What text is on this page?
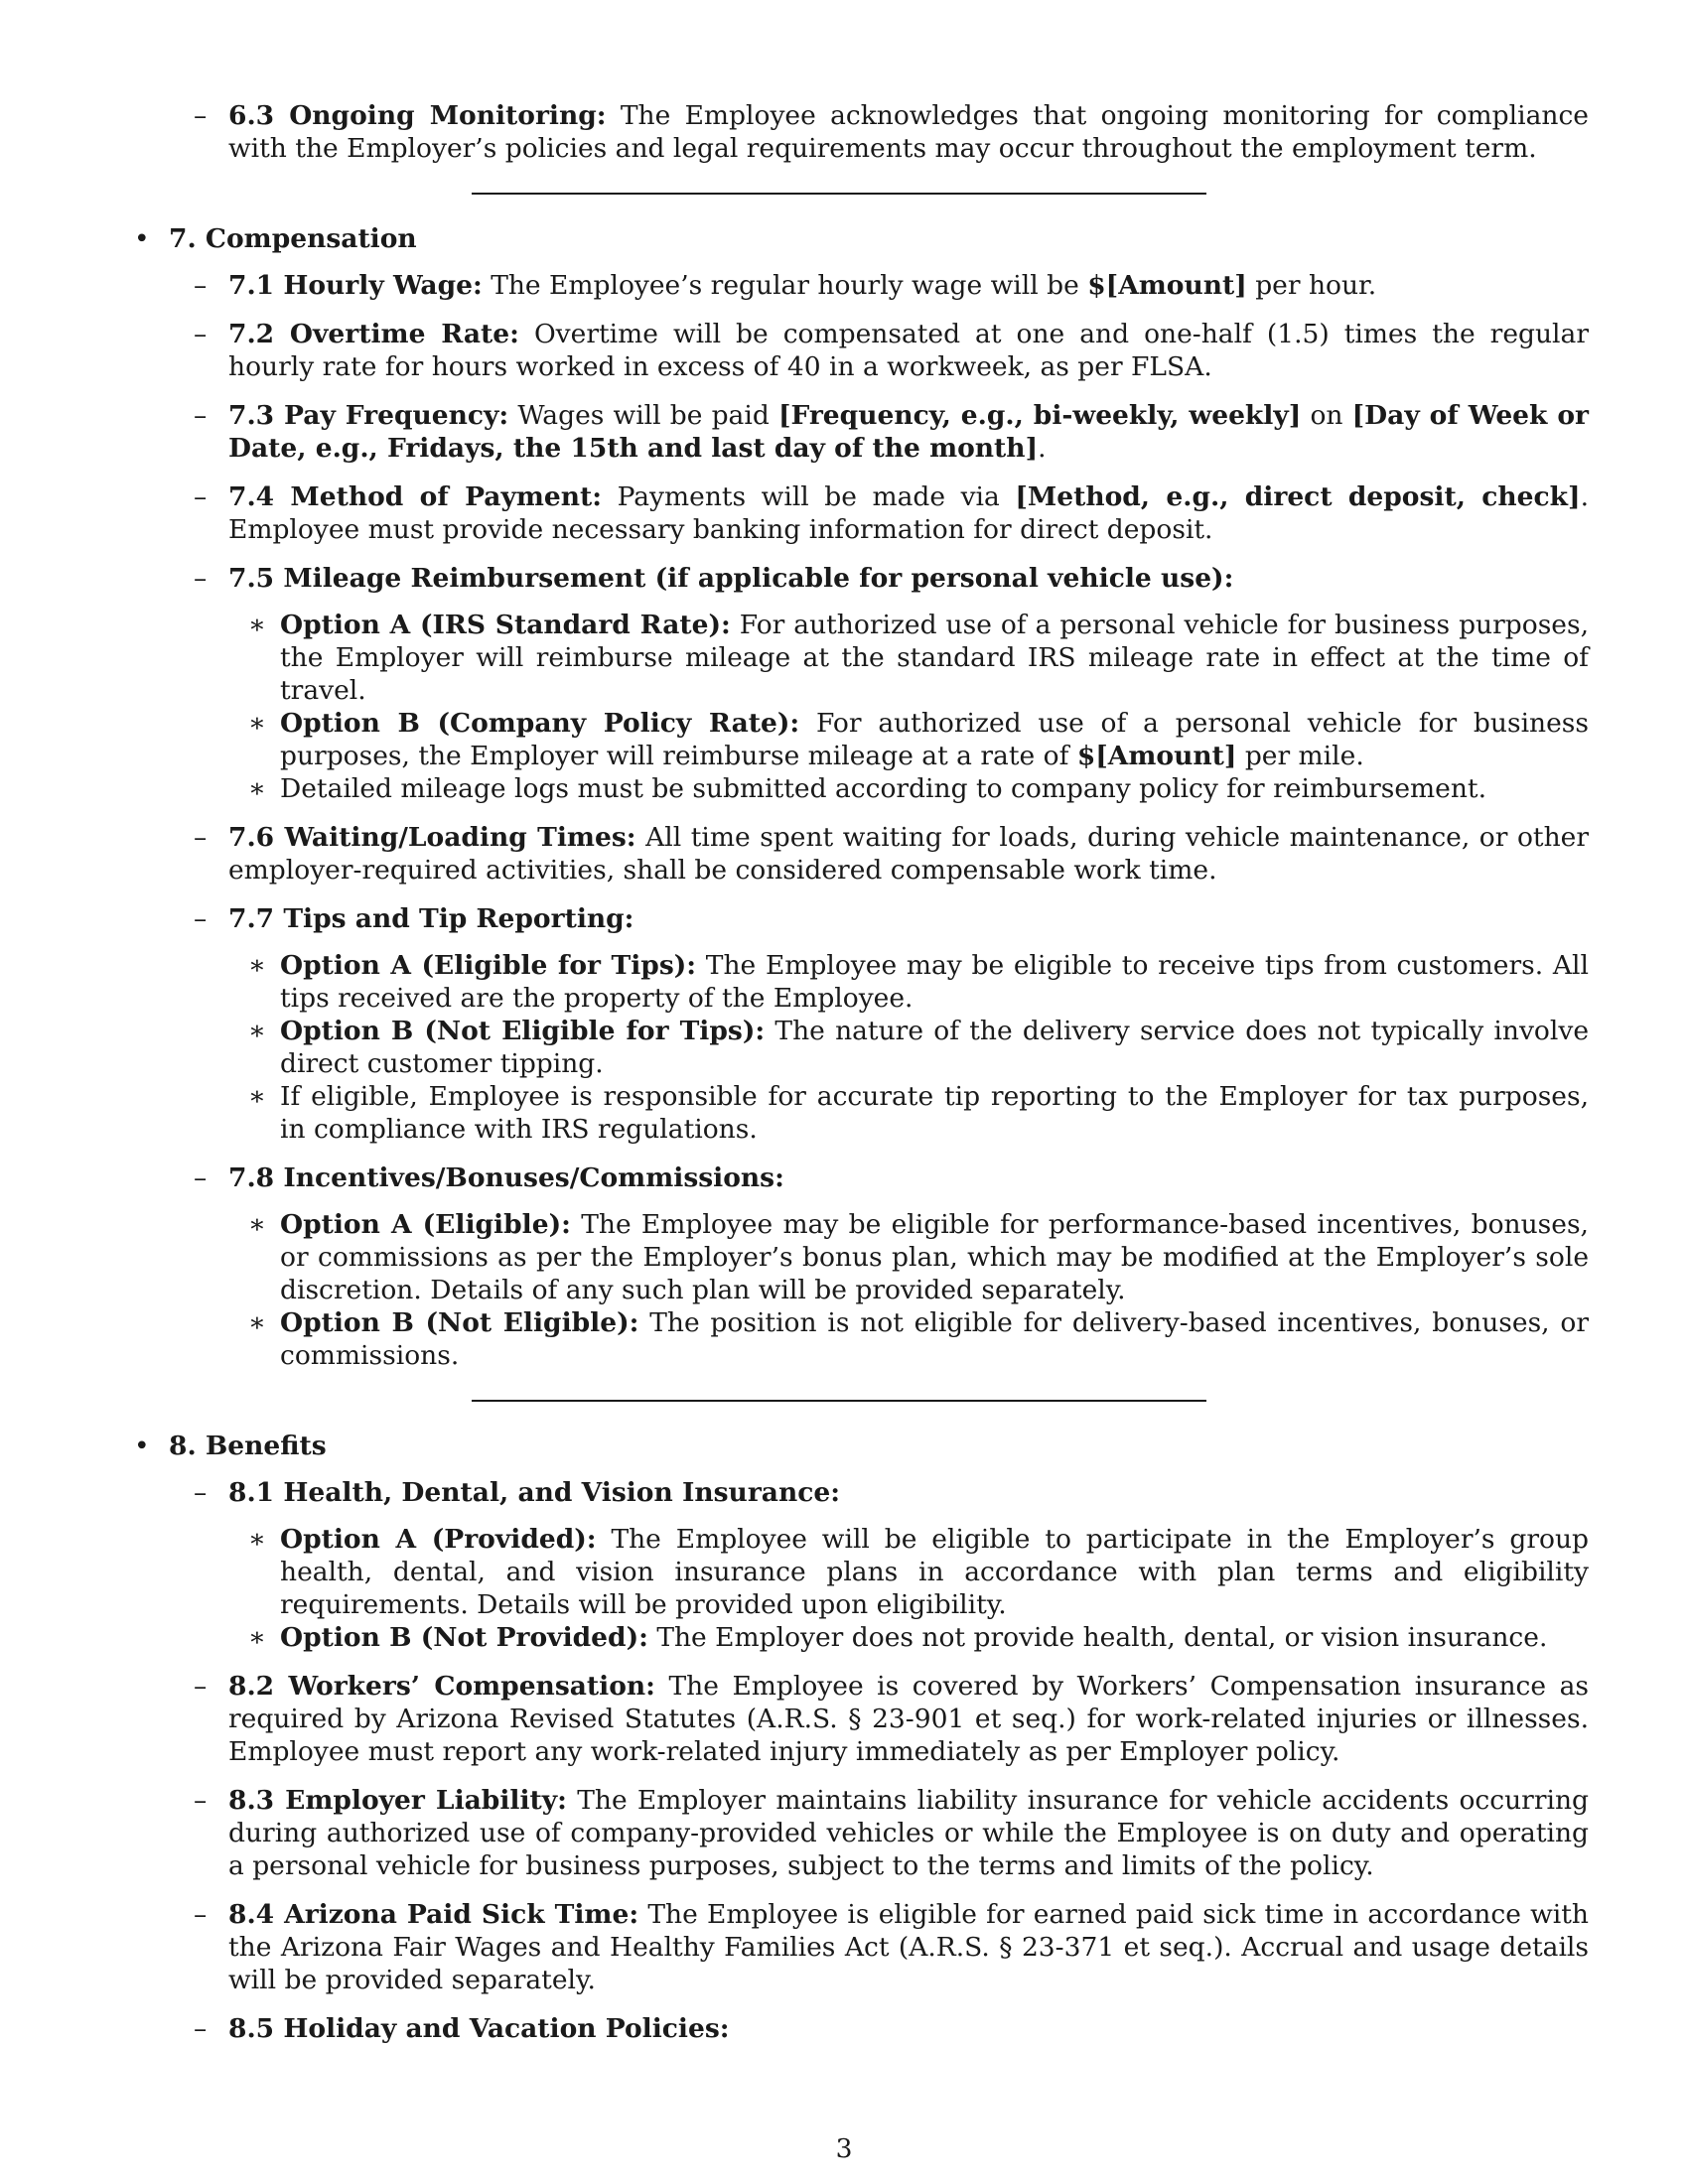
– 6.3 Ongoing Monitoring: The Employee acknowledges that ongoing monitoring for compliance with the Employer’s policies and legal requirements may occur throughout the employment term.
• 7. Compensation
– 7.1 Hourly Wage: The Employee’s regular hourly wage will be $[Amount] per hour.
– 7.2 Overtime Rate: Overtime will be compensated at one and one-half (1.5) times the regular hourly rate for hours worked in excess of 40 in a workweek, as per FLSA.
– 7.3 Pay Frequency: Wages will be paid [Frequency, e.g., bi-weekly, weekly] on [Day of Week or Date, e.g., Fridays, the 15th and last day of the month].
– 7.4 Method of Payment: Payments will be made via [Method, e.g., direct deposit, check]. Employee must provide necessary banking information for direct deposit.
– 7.5 Mileage Reimbursement (if applicable for personal vehicle use):
∗ Option A (IRS Standard Rate): For authorized use of a personal vehicle for business purposes, the Employer will reimburse mileage at the standard IRS mileage rate in effect at the time of travel.
∗ Option B (Company Policy Rate): For authorized use of a personal vehicle for business purposes, the Employer will reimburse mileage at a rate of $[Amount] per mile.
∗ Detailed mileage logs must be submitted according to company policy for reimbursement.
– 7.6 Waiting/Loading Times: All time spent waiting for loads, during vehicle maintenance, or other employer-required activities, shall be considered compensable work time.
– 7.7 Tips and Tip Reporting:
∗ Option A (Eligible for Tips): The Employee may be eligible to receive tips from customers. All tips received are the property of the Employee.
∗ Option B (Not Eligible for Tips): The nature of the delivery service does not typically involve direct customer tipping.
∗ If eligible, Employee is responsible for accurate tip reporting to the Employer for tax purposes, in compliance with IRS regulations.
– 7.8 Incentives/Bonuses/Commissions:
∗ Option A (Eligible): The Employee may be eligible for performance-based incentives, bonuses, or commissions as per the Employer’s bonus plan, which may be modified at the Employer’s sole discretion. Details of any such plan will be provided separately.
∗ Option B (Not Eligible): The position is not eligible for delivery-based incentives, bonuses, or commissions.
• 8. Benefits
– 8.1 Health, Dental, and Vision Insurance:
∗ Option A (Provided): The Employee will be eligible to participate in the Employer’s group health, dental, and vision insurance plans in accordance with plan terms and eligibility requirements. Details will be provided upon eligibility.
∗ Option B (Not Provided): The Employer does not provide health, dental, or vision insurance.
– 8.2 Workers’ Compensation: The Employee is covered by Workers’ Compensation insurance as required by Arizona Revised Statutes (A.R.S. § 23-901 et seq.) for work-related injuries or illnesses. Employee must report any work-related injury immediately as per Employer policy.
– 8.3 Employer Liability: The Employer maintains liability insurance for vehicle accidents occurring during authorized use of company-provided vehicles or while the Employee is on duty and operating a personal vehicle for business purposes, subject to the terms and limits of the policy.
– 8.4 Arizona Paid Sick Time: The Employee is eligible for earned paid sick time in accordance with the Arizona Fair Wages and Healthy Families Act (A.R.S. § 23-371 et seq.). Accrual and usage details will be provided separately.
– 8.5 Holiday and Vacation Policies:
3
